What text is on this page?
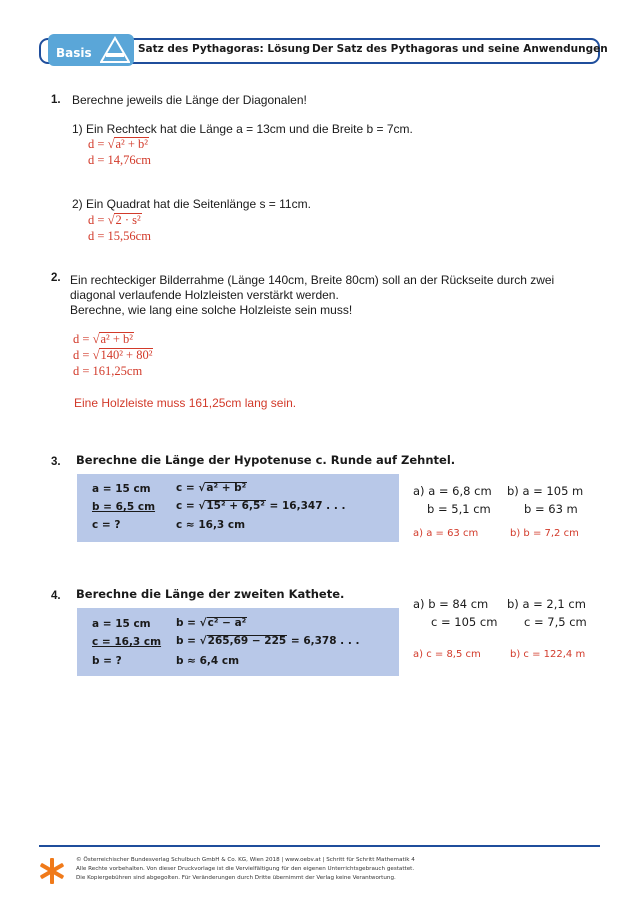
Basis	Satz des Pythagoras: Lösung Der Satz des Pythagoras und seine Anwendungen
1. Berechne jeweils die Länge der Diagonalen!
1) Ein Rechteck hat die Länge a = 13cm und die Breite b = 7cm.
d = √a² + b²
d = 14,76cm
2) Ein Quadrat hat die Seitenlänge s = 11cm.
d = √2 · s²
d = 15,56cm
2. Ein rechteckiger Bilderrahme (Länge 140cm, Breite 80cm) soll an der Rückseite durch zwei
diagonal verlaufende Holzleisten verstärkt werden.
Berechne, wie lang eine solche Holzleiste sein muss!
d = √a² + b²
d = √140² + 80²
d = 161,25cm
Eine Holzleiste muss 161,25cm lang sein.
3. Berechne die Länge der Hypotenuse c. Runde auf Zehntel.
a = 15 cm c = √a² + b²
b = 6,5 cm c = √15² + 6,5² = 16,347 . . .
c = ?	c ≈ 16,3 cm
a) a = 6,8 cm
b = 5,1 cm
b) a = 105 m
b = 63 m
a) a = 63 cm	b) b = 7,2 cm
4. Berechne die Länge der zweiten Kathete.
a = 15 cm b = √c² − a²
c = 16,3 cm b = √265,69 − 225 = 6,378 . . .
b = ?	b ≈ 6,4 cm
a) b = 84 cm
c = 105 cm
b) a = 2,1 cm
c = 7,5 cm
a) c = 8,5 cm	b) c = 122,4 m
© Österreichischer Bundesverlag Schulbuch GmbH & Co. KG, Wien 2018 | www.oebv.at | Schritt für Schritt Mathematik 4
Alle Rechte vorbehalten. Von dieser Druckvorlage ist die Vervielfältigung für den eigenen Unterrichtsgebrauch gestattet.
Die Kopiergebühren sind abgegolten. Für Veränderungen durch Dritte übernimmt der Verlag keine Verantwortung.
